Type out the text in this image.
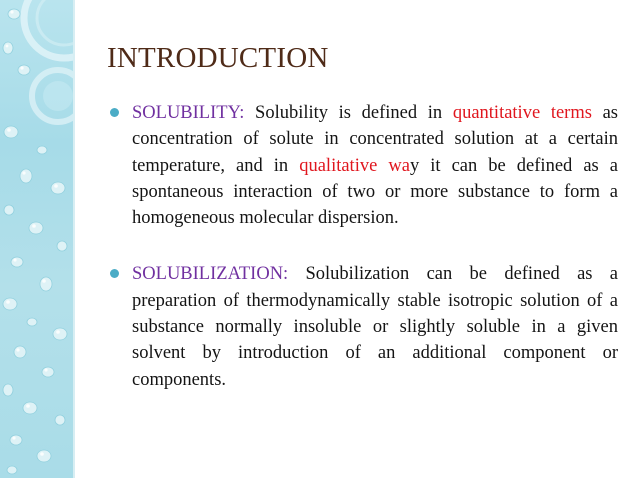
INTRODUCTION
SOLUBILITY: Solubility is defined in quantitative terms as concentration of solute in concentrated solution at a certain temperature, and in qualitative way it can be defined as a spontaneous interaction of two or more substance to form a homogeneous molecular dispersion.
SOLUBILIZATION: Solubilization can be defined as a preparation of thermodynamically stable isotropic solution of a substance normally insoluble or slightly soluble in a given solvent by introduction of an additional component or components.
